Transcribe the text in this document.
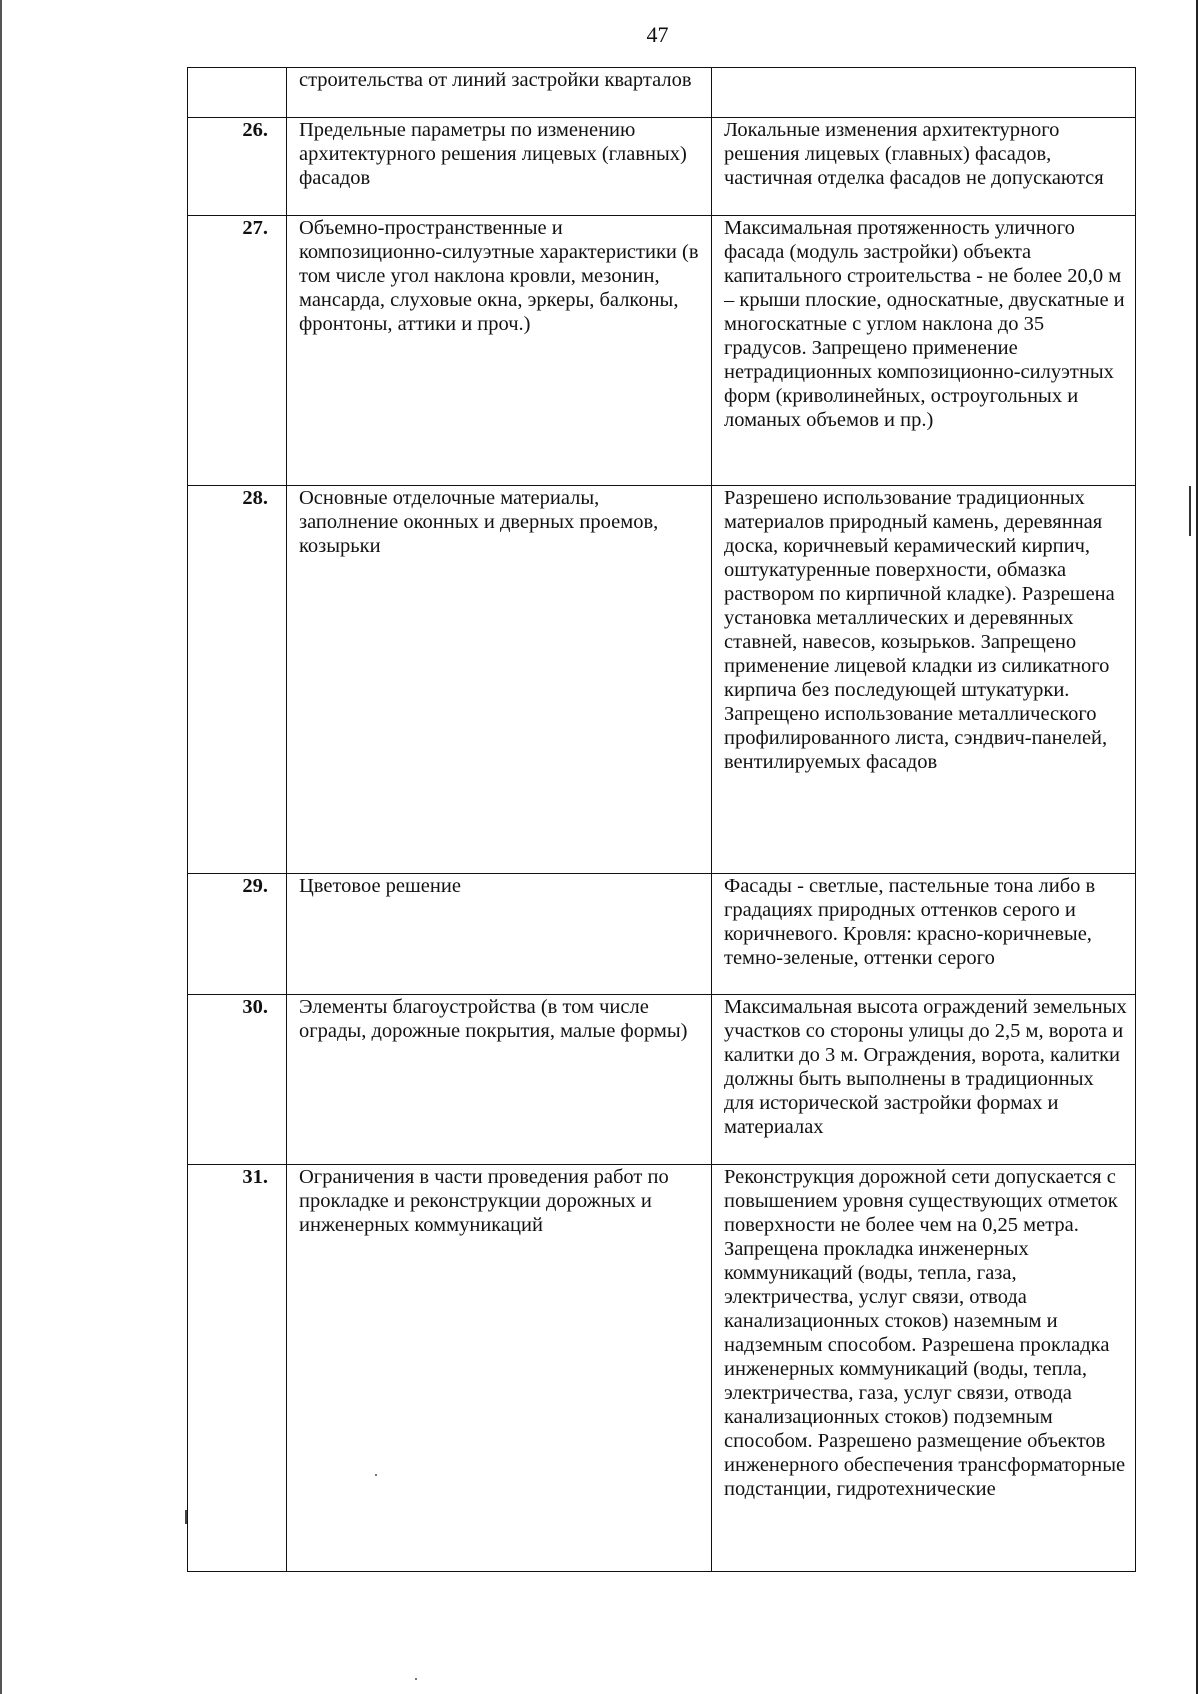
47
	строительства от линий застройки кварталов	
26.	Предельные параметры по изменению архитектурного решения лицевых (главных) фасадов	Локальные изменения архитектурного решения лицевых (главных) фасадов, частичная отделка фасадов не допускаются
27.	Объемно-пространственные и композиционно-силуэтные характеристики (в том числе угол наклона кровли, мезонин, мансарда, слуховые окна, эркеры, балконы, фронтоны, аттики и проч.)	Максимальная протяженность уличного фасада (модуль застройки) объекта капитального строительства - не более 20,0 м – крыши плоские, односкатные, двускатные и многоскатные с углом наклона до 35 градусов. Запрещено применение нетрадиционных композиционно-силуэтных форм (криволинейных, остроугольных и ломаных объемов и пр.)
28.	Основные отделочные материалы, заполнение оконных и дверных проемов, козырьки	Разрешено использование традиционных материалов природный камень, деревянная доска, коричневый керамический кирпич, оштукатуренные поверхности, обмазка раствором по кирпичной кладке). Разрешена установка металлических и деревянных ставней, навесов, козырьков. Запрещено применение лицевой кладки из силикатного кирпича без последующей штукатурки. Запрещено использование металлического профилированного листа, сэндвич-панелей, вентилируемых фасадов
29.	Цветовое решение	Фасады - светлые, пастельные тона либо в градациях природных оттенков серого и коричневого. Кровля: красно-коричневые, темно-зеленые, оттенки серого
30.	Элементы благоустройства (в том числе ограды, дорожные покрытия, малые формы)	Максимальная высота ограждений земельных участков со стороны улицы до 2,5 м, ворота и калитки до 3 м. Ограждения, ворота, калитки должны быть выполнены в традиционных для исторической застройки формах и материалах
31.	Ограничения в части проведения работ по прокладке и реконструкции дорожных и инженерных коммуникаций	Реконструкция дорожной сети допускается с повышением уровня существующих отметок поверхности не более чем на 0,25 метра. Запрещена прокладка инженерных коммуникаций (воды, тепла, газа, электричества, услуг связи, отвода канализационных стоков) наземным и надземным способом. Разрешена прокладка инженерных коммуникаций (воды, тепла, электричества, газа, услуг связи, отвода канализационных стоков) подземным способом. Разрешено размещение объектов инженерного обеспечения трансформаторные подстанции, гидротехнические
